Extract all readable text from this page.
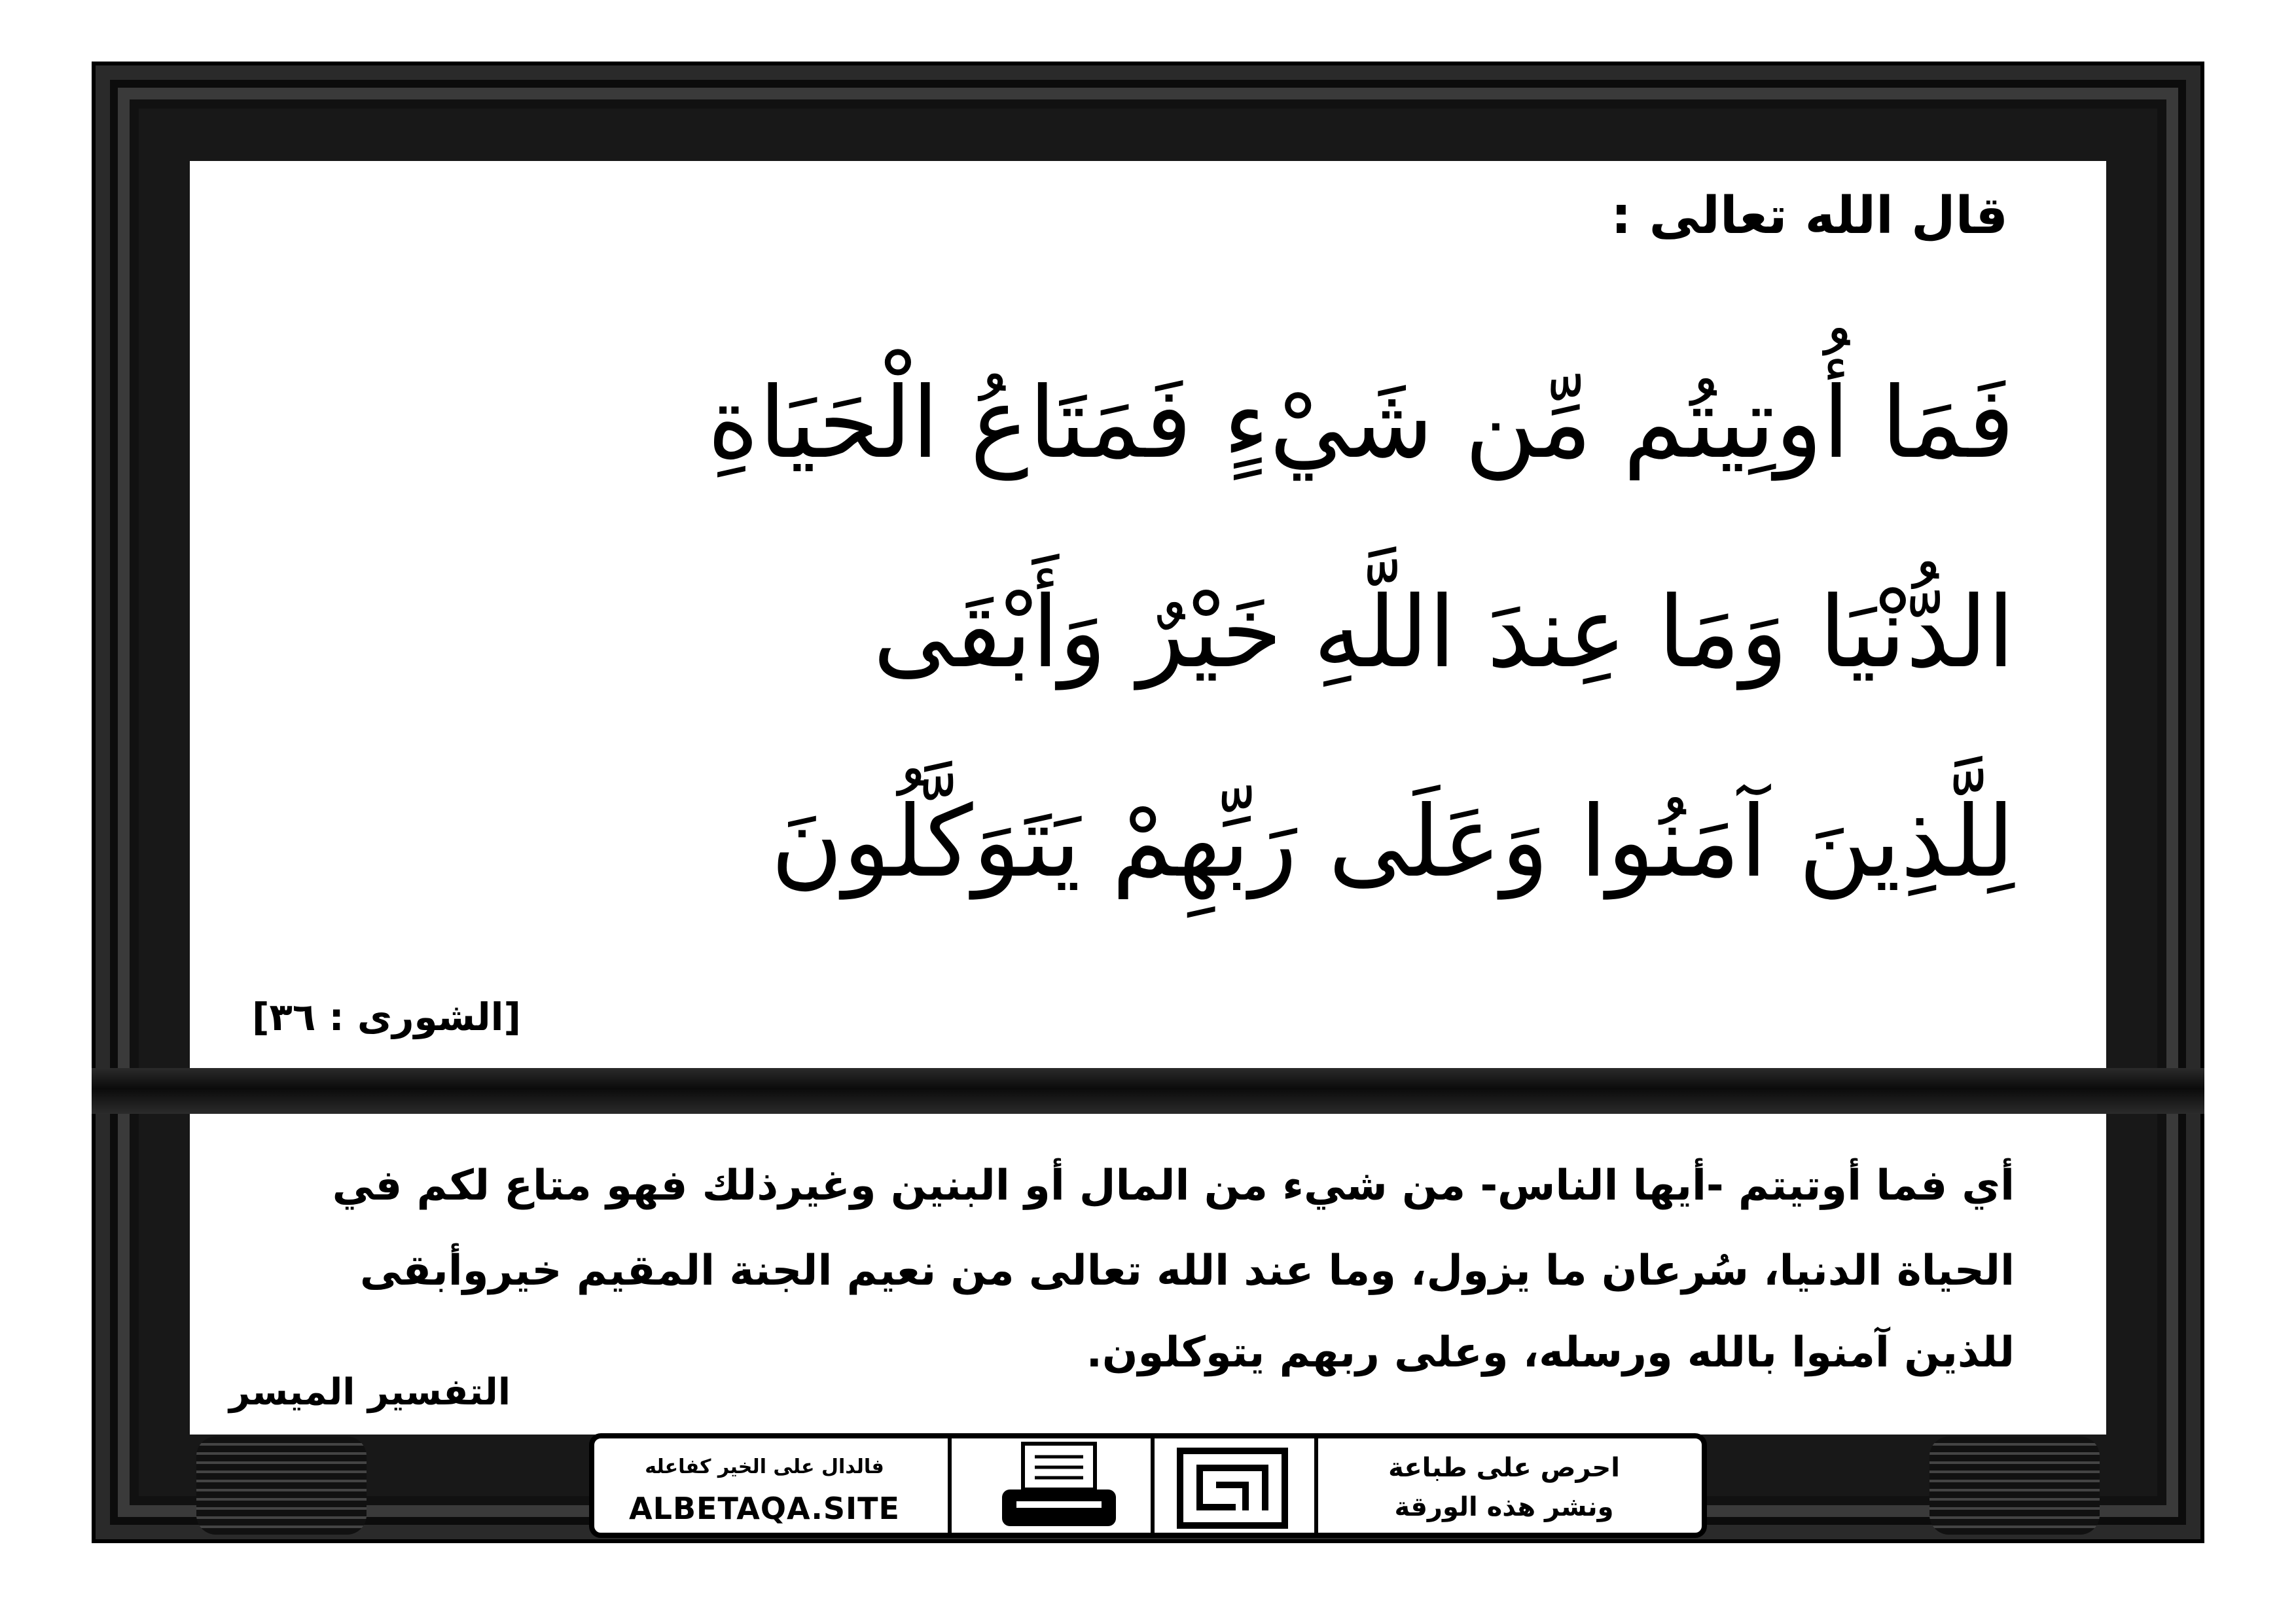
قال الله تعالى :
فَمَا أُوتِيتُم مِّن شَيْءٍ فَمَتَاعُ الْحَيَاةِ
الدُّنْيَا وَمَا عِندَ اللَّهِ خَيْرٌ وَأَبْقَى
لِلَّذِينَ آمَنُوا وَعَلَى رَبِّهِمْ يَتَوَكَّلُونَ
[الشورى : ٣٦]
أي فما أوتيتم -أيها الناس- من شيء من المال أو البنين وغيرذلك فهو متاع لكم في
الحياة الدنيا، سُرعان ما يزول، وما عند الله تعالى من نعيم الجنة المقيم خيروأبقى
للذين آمنوا بالله ورسله، وعلى ربهم يتوكلون.
التفسير الميسر
فالدال على الخير كفاعله
ALBETAQA.SITE
احرص على طباعة
ونشر هذه الورقة
